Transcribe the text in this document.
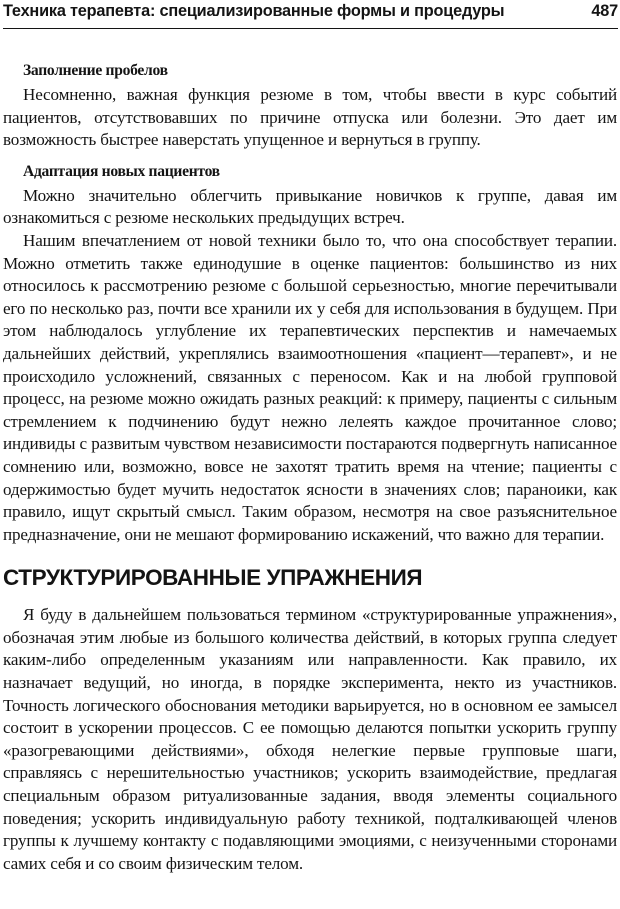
Техника терапевта: специализированные формы и процедуры	487
Заполнение пробелов

Несомненно, важная функция резюме в том, чтобы ввести в курс событий пациентов, отсутствовавших по причине отпуска или болезни. Это дает им возможность быстрее наверстать упущенное и вернуться в группу.

Адаптация новых пациентов

Можно значительно облегчить привыкание новичков к группе, давая им ознакомиться с резюме нескольких предыдущих встреч.

Нашим впечатлением от новой техники было то, что она способствует терапии. Можно отметить также единодушие в оценке пациентов: большинство из них относилось к рассмотрению резюме с большой серьезностью, многие перечитывали его по несколько раз, почти все хранили их у себя для использования в будущем. При этом наблюдалось углубление их терапевтических перспектив и намечаемых дальнейших действий, укреплялись взаимоотношения «пациент—терапевт», и не происходило усложнений, связанных с переносом. Как и на любой групповой процесс, на резюме можно ожидать разных реакций: к примеру, пациенты с сильным стремлением к подчинению будут нежно лелеять каждое прочитанное слово; индивиды с развитым чувством независимости постараются подвергнуть написанное сомнению или, возможно, вовсе не захотят тратить время на чтение; пациенты с одержимостью будет мучить недостаток ясности в значениях слов; параноики, как правило, ищут скрытый смысл. Таким образом, несмотря на свое разъяснительное предназначение, они не мешают формированию искажений, что важно для терапии.

СТРУКТУРИРОВАННЫЕ УПРАЖНЕНИЯ

Я буду в дальнейшем пользоваться термином «структурированные упражнения», обозначая этим любые из большого количества действий, в которых группа следует каким-либо определенным указаниям или направленности. Как правило, их назначает ведущий, но иногда, в порядке эксперимента, некто из участников. Точность логического обоснования методики варьируется, но в основном ее замысел состоит в ускорении процессов. С ее помощью делаются попытки ускорить группу «разогревающими действиями», обходя нелегкие первые групповые шаги, справляясь с нерешительностью участников; ускорить взаимодействие, предлагая специальным образом ритуализованные задания, вводя элементы социального поведения; ускорить индивидуальную работу техникой, подталкивающей членов группы к лучшему контакту с подавляющими эмоциями, с неизученными сторонами самих себя и со своим физическим телом.
